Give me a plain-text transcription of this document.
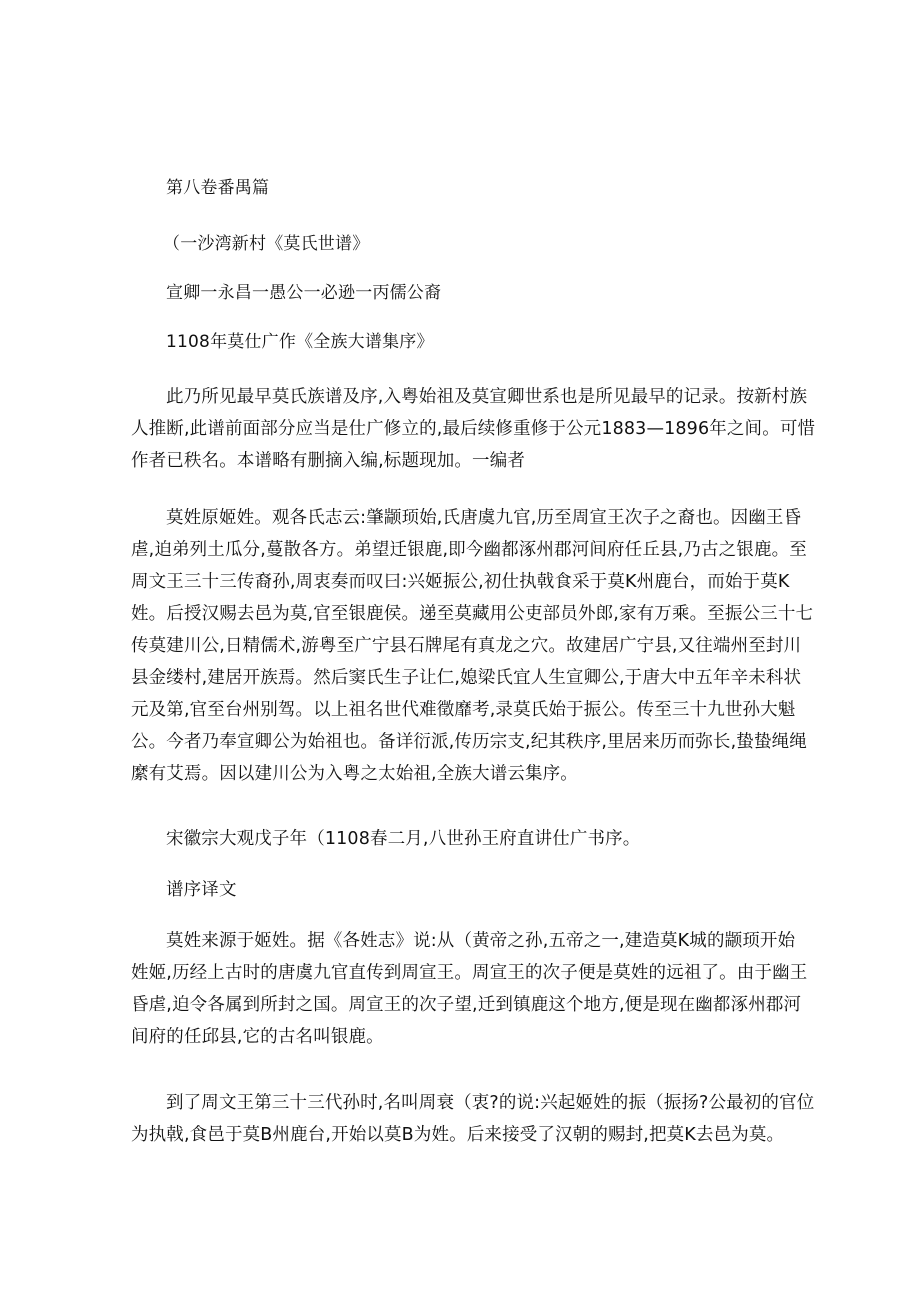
第八卷番禺篇
（一沙湾新村《莫氏世谱》
宣卿一永昌一愚公一必逊一丙儒公裔
1108年莫仕广作《全族大谱集序》
此乃所见最早莫氏族谱及序,入粤始祖及莫宣卿世系也是所见最早的记录。按新村族
人推断,此谱前面部分应当是仕广修立的,最后续修重修于公元1883—1896年之间。可惜
作者已秩名。本谱略有删摘入编,标题现加。一编者
莫姓原姬姓。观各氏志云:肇颛顼始,氏唐虞九官,历至周宣王次子之裔也。因幽王昏
虐,迫弟列土瓜分,蔓散各方。弟望迁银鹿,即今幽都涿州郡河间府任丘县,乃古之银鹿。至
周文王三十三传裔孙,周衷奏而叹曰:兴姬振公,初仕执戟食采于莫K州鹿台，而始于莫K
姓。后授汉赐去邑为莫,官至银鹿侯。递至莫藏用公吏部员外郎,家有万乘。至振公三十七
传莫建川公,日精儒术,游粤至广宁县石牌尾有真龙之穴。故建居广宁县,又往端州至封川
县金缕村,建居开族焉。然后窦氏生子让仁,媳梁氏宜人生宣卿公,于唐大中五年辛未科状
元及第,官至台州别驾。以上祖名世代难徵靡考,录莫氏始于振公。传至三十九世孙大魁
公。今者乃奉宣卿公为始祖也。备详衍派,传历宗支,纪其秩序,里居来历而弥长,蛰蛰绳绳
縻有艾焉。因以建川公为入粤之太始祖,全族大谱云集序。
宋徽宗大观戊子年（1108春二月,八世孙王府直讲仕广书序。
谱序译文
莫姓来源于姬姓。据《各姓志》说:从（黄帝之孙,五帝之一,建造莫K城的颛顼开始
姓姬,历经上古时的唐虞九官直传到周宣王。周宣王的次子便是莫姓的远祖了。由于幽王
昏虐,迫令各属到所封之国。周宣王的次子望,迁到镇鹿这个地方,便是现在幽都涿州郡河
间府的任邱县,它的古名叫银鹿。
到了周文王第三十三代孙时,名叫周衰（衷?的说:兴起姬姓的振（振扬?公最初的官位
为执戟,食邑于莫B州鹿台,开始以莫B为姓。后来接受了汉朝的赐封,把莫K去邑为莫。
